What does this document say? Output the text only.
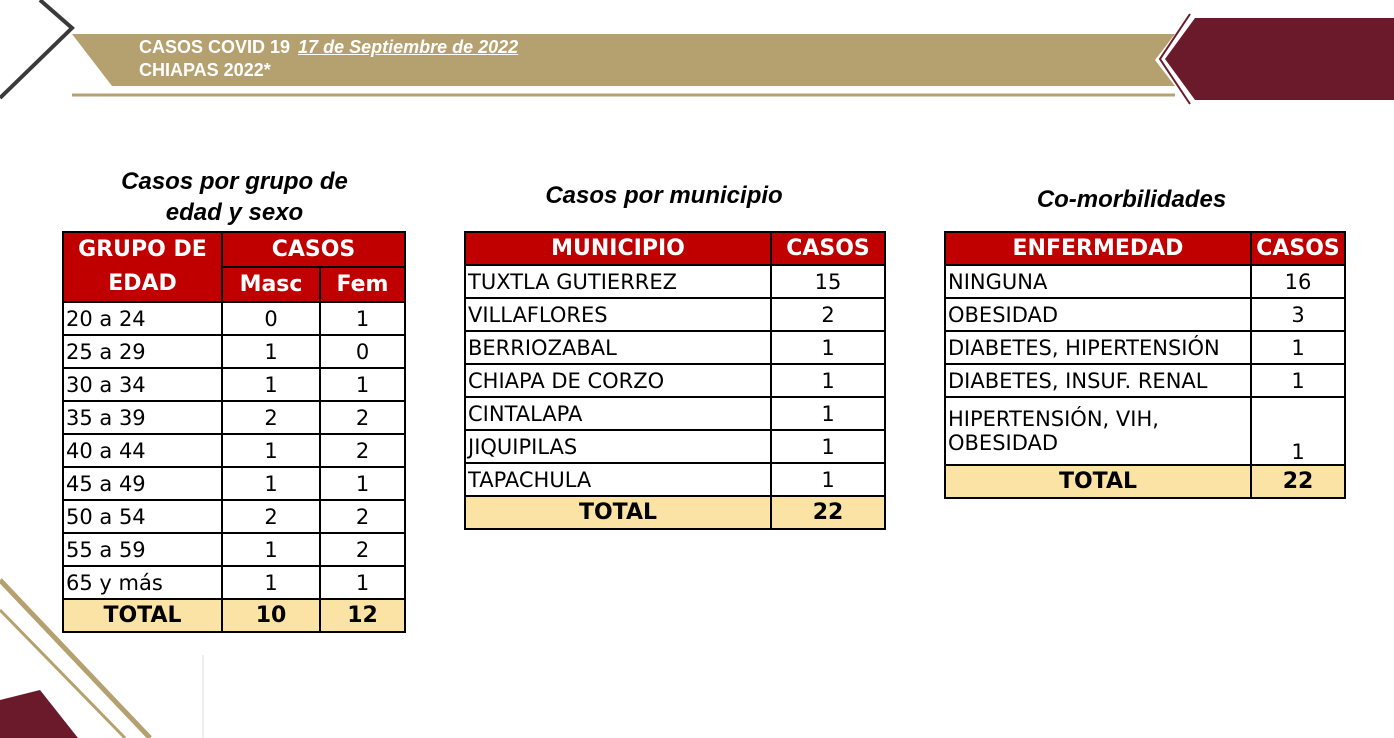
CASOS COVID 19 17 de Septiembre de 2022
CHIAPAS 2022*
Casos por grupo de
edad y sexo
Casos por municipio	Co-morbilidades
GRUPO DE
EDAD	CASOS	
	Masc	Fem
20 a 24	0	1
25 a 29	1	0
30 a 34	1	1
35 a 39	2	2
40 a 44	1	2
45 a 49	1	1
50 a 54	2	2
55 a 59	1	2
65 y más	1	1
TOTAL	10	12
MUNICIPIO	CASOS
TUXTLA GUTIERREZ	15
VILLAFLORES	2
BERRIOZABAL	1
CHIAPA DE CORZO	1
CINTALAPA	1
JIQUIPILAS	1
TAPACHULA	1
TOTAL	22
ENFERMEDAD	CASOS
NINGUNA	16
OBESIDAD	3
DIABETES, HIPERTENSIÓN	1
DIABETES, INSUF. RENAL	1

HIPERTENSIÓN, VIH,
OBESIDAD	1
TOTAL	22
